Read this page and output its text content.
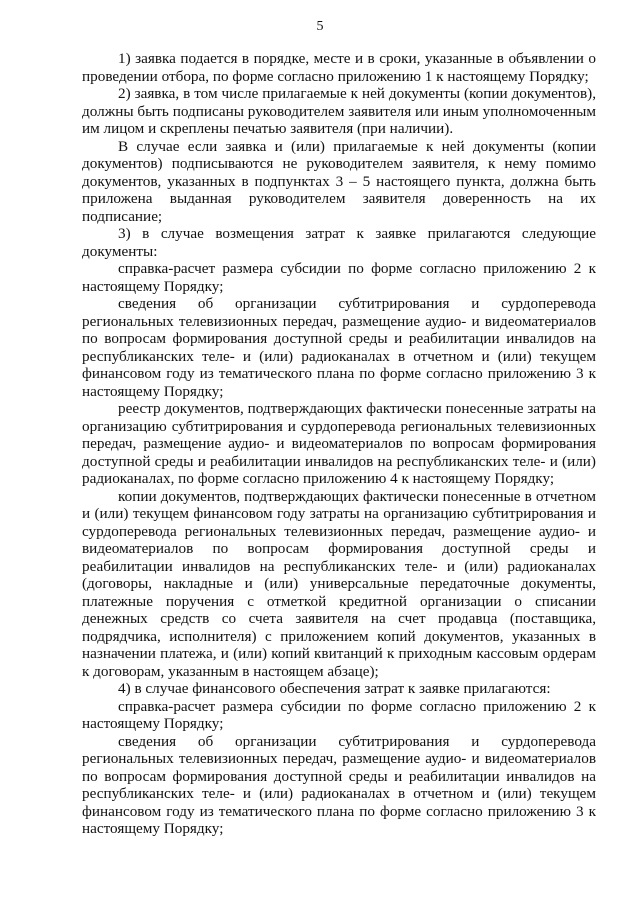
5

1) заявка подается в порядке, месте и в сроки, указанные в объявлении о проведении отбора, по форме согласно приложению 1 к настоящему Порядку;

2) заявка, в том числе прилагаемые к ней документы (копии документов), должны быть подписаны руководителем заявителя или иным уполномоченным им лицом и скреплены печатью заявителя (при наличии).

В случае если заявка и (или) прилагаемые к ней документы (копии документов) подписываются не руководителем заявителя, к нему помимо документов, указанных в подпунктах 3 – 5 настоящего пункта, должна быть приложена выданная руководителем заявителя доверенность на их подписание;

3) в случае возмещения затрат к заявке прилагаются следующие документы:

справка-расчет размера субсидии по форме согласно приложению 2 к настоящему Порядку;

сведения об организации субтитрирования и сурдоперевода региональных телевизионных передач, размещение аудио- и видеоматериалов по вопросам формирования доступной среды и реабилитации инвалидов на республиканских теле- и (или) радиоканалах в отчетном и (или) текущем финансовом году из тематического плана по форме согласно приложению 3 к настоящему Порядку;

реестр документов, подтверждающих фактически понесенные затраты на организацию субтитрирования и сурдоперевода региональных телевизионных передач, размещение аудио- и видеоматериалов по вопросам формирования доступной среды и реабилитации инвалидов на республиканских теле- и (или) радиоканалах, по форме согласно приложению 4 к настоящему Порядку;

копии документов, подтверждающих фактически понесенные в отчетном и (или) текущем финансовом году затраты на организацию субтитрирования и сурдоперевода региональных телевизионных передач, размещение аудио- и видеоматериалов по вопросам формирования доступной среды и реабилитации инвалидов на республиканских теле- и (или) радиоканалах (договоры, накладные и (или) универсальные передаточные документы, платежные поручения с отметкой кредитной организации о списании денежных средств со счета заявителя на счет продавца (поставщика, подрядчика, исполнителя) с приложением копий документов, указанных в назначении платежа, и (или) копий квитанций к приходным кассовым ордерам к договорам, указанным в настоящем абзаце);

4) в случае финансового обеспечения затрат к заявке прилагаются:

справка-расчет размера субсидии по форме согласно приложению 2 к настоящему Порядку;

сведения об организации субтитрирования и сурдоперевода региональных телевизионных передач, размещение аудио- и видеоматериалов по вопросам формирования доступной среды и реабилитации инвалидов на республиканских теле- и (или) радиоканалах в отчетном и (или) текущем финансовом году из тематического плана по форме согласно приложению 3 к настоящему Порядку;
